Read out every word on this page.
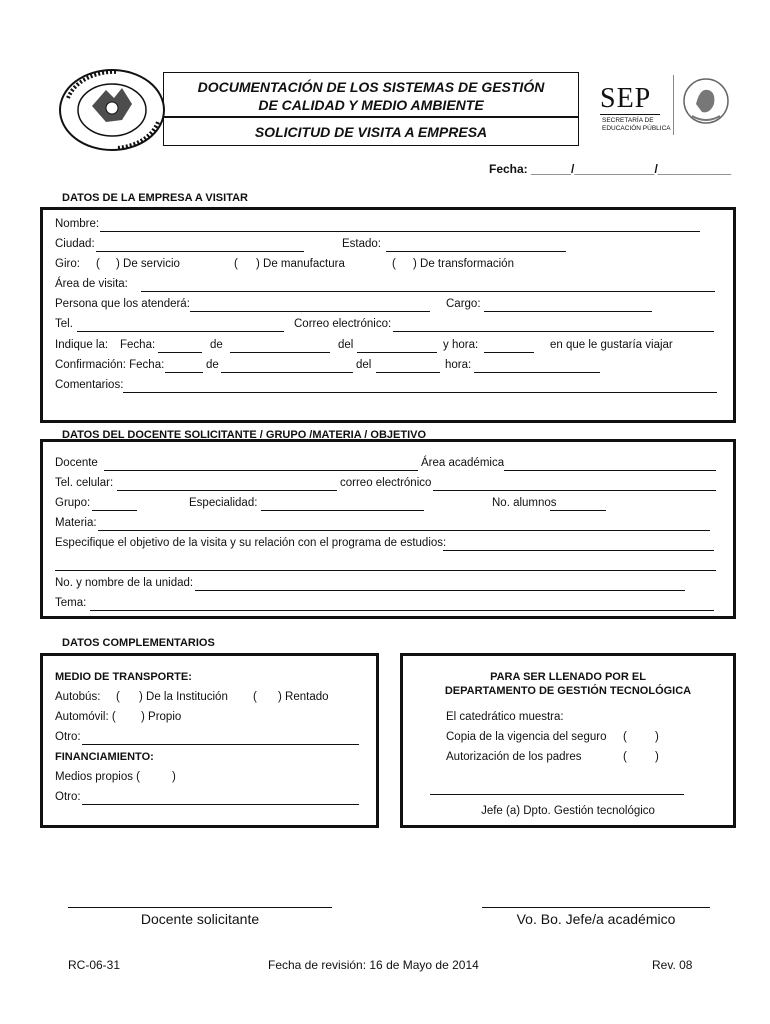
DOCUMENTACIÓN DE LOS SISTEMAS DE GESTIÓN
DE CALIDAD Y MEDIO AMBIENTE
SOLICITUD DE VISITA A EMPRESA
SEP
SECRETARÍA DE
EDUCACIÓN PÚBLICA
Fecha: ______/____________/___________
DATOS DE LA EMPRESA A VISITAR
Nombre:
Ciudad:	Estado:
Giro: ( ) De servicio	( ) De manufactura	( ) De transformación
Área de visita:
Persona que los atenderá:	Cargo:
Tel.	Correo electrónico:
Indique la: Fecha:	de	del	y hora:	en que le gustaría viajar
Confirmación: Fecha:	de	del	hora:
Comentarios:
DATOS DEL DOCENTE SOLICITANTE / GRUPO /MATERIA / OBJETIVO
Docente	Área académica
Tel. celular:	correo electrónico
Grupo:	Especialidad:	No. alumnos
Materia:
Especifique el objetivo de la visita y su relación con el programa de estudios:
No. y nombre de la unidad:
Tema:
DATOS COMPLEMENTARIOS
MEDIO DE TRANSPORTE:
Autobús: ( ) De la Institución ( ) Rentado
Automóvil: ( ) Propio
Otro:
FINANCIAMIENTO:
Medios propios (	)
Otro:
PARA SER LLENADO POR EL
DEPARTAMENTO DE GESTIÓN TECNOLÓGICA
El catedrático muestra:
Copia de la vigencia del seguro ( )
Autorización de los padres	( )
Jefe (a) Dpto. Gestión tecnológico
Docente solicitante	Vo. Bo. Jefe/a académico
RC-06-31	Fecha de revisión: 16 de Mayo de 2014	Rev. 08
